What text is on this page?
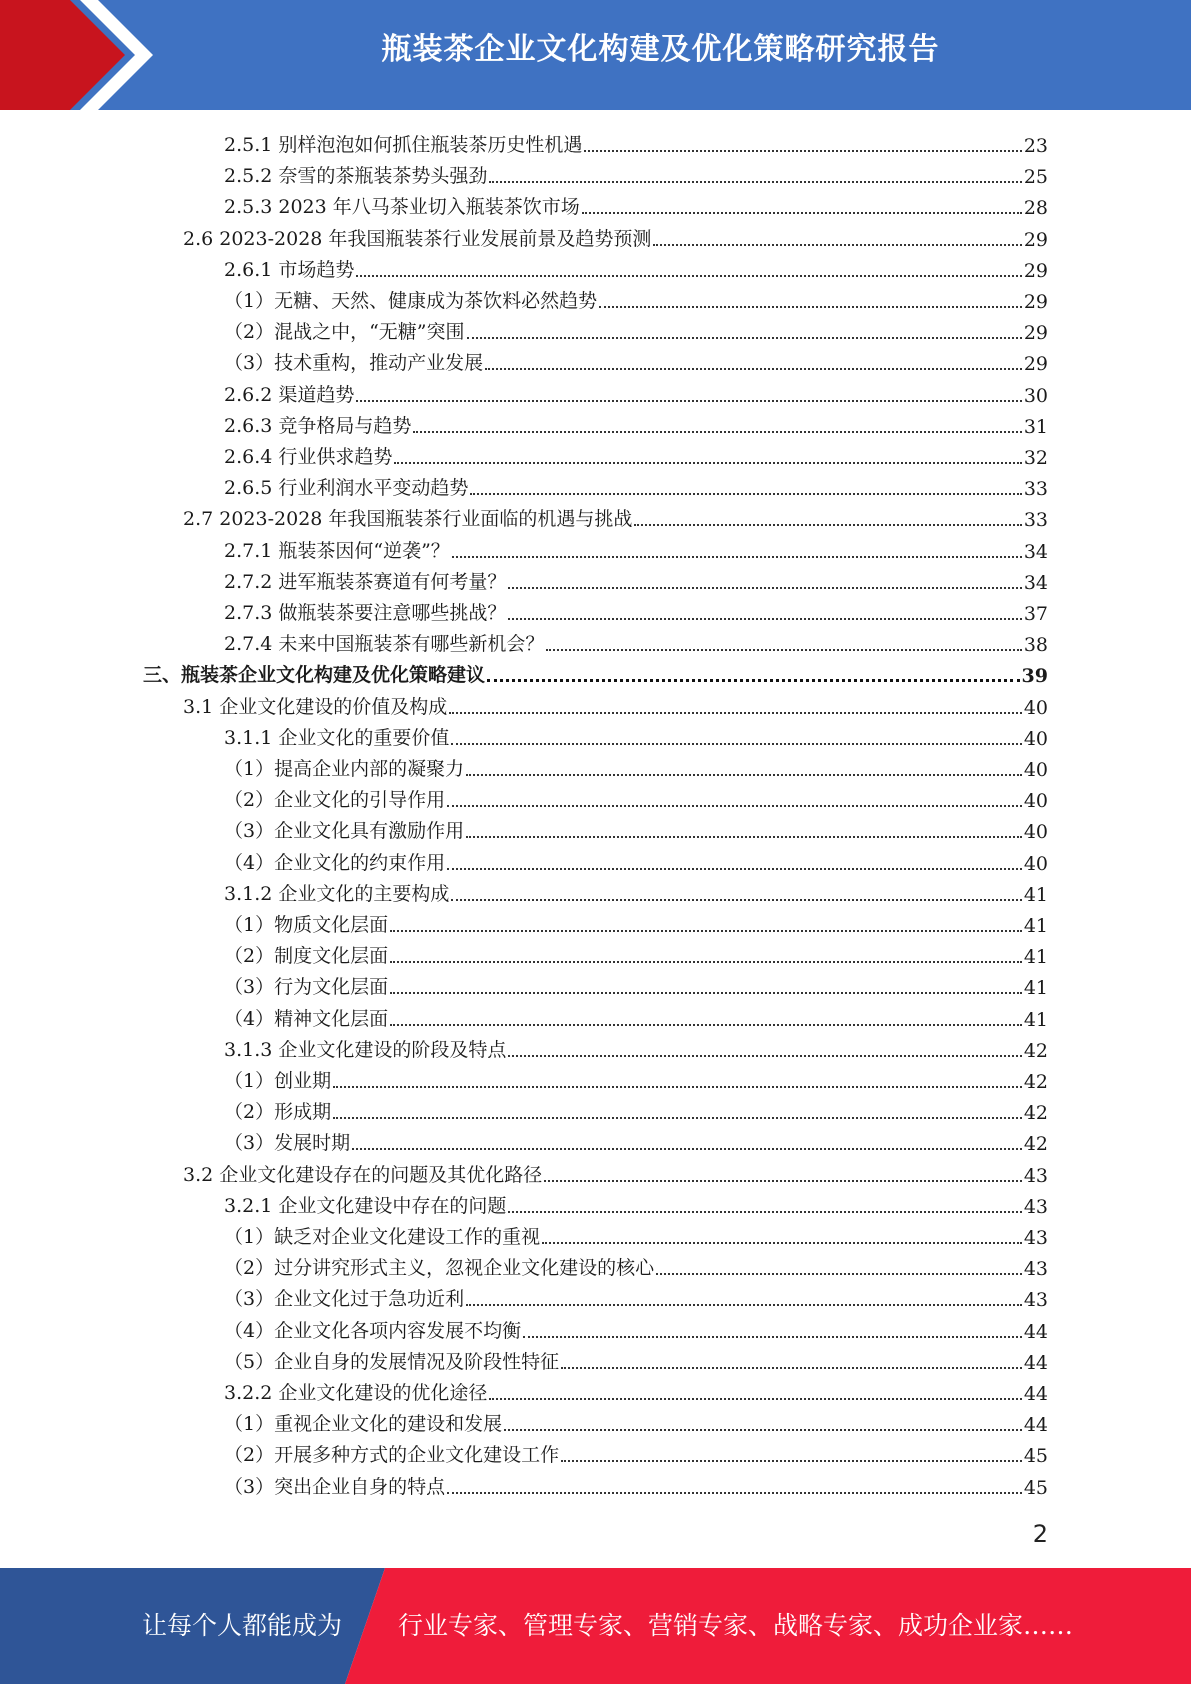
瓶装茶企业文化构建及优化策略研究报告
2.5.1 别样泡泡如何抓住瓶装茶历史性机遇	23
2.5.2 奈雪的茶瓶装茶势头强劲	25
2.5.3 2023 年八马茶业切入瓶装茶饮市场	28
2.6 2023-2028 年我国瓶装茶行业发展前景及趋势预测	29
2.6.1 市场趋势	29
（1）无糖、天然、健康成为茶饮料必然趋势	29
（2）混战之中，“无糖”突围	29
（3）技术重构，推动产业发展	29
2.6.2 渠道趋势	30
2.6.3 竞争格局与趋势	31
2.6.4 行业供求趋势	32
2.6.5 行业利润水平变动趋势	33
2.7 2023-2028 年我国瓶装茶行业面临的机遇与挑战	33
2.7.1 瓶装茶因何“逆袭”？	34
2.7.2 进军瓶装茶赛道有何考量？	34
2.7.3 做瓶装茶要注意哪些挑战？	37
2.7.4 未来中国瓶装茶有哪些新机会？	38
三、瓶装茶企业文化构建及优化策略建议	39
3.1 企业文化建设的价值及构成	40
3.1.1 企业文化的重要价值	40
（1）提高企业内部的凝聚力	40
（2）企业文化的引导作用	40
（3）企业文化具有激励作用	40
（4）企业文化的约束作用	40
3.1.2 企业文化的主要构成	41
（1）物质文化层面	41
（2）制度文化层面	41
（3）行为文化层面	41
（4）精神文化层面	41
3.1.3 企业文化建设的阶段及特点	42
（1）创业期	42
（2）形成期	42
（3）发展时期	42
3.2 企业文化建设存在的问题及其优化路径	43
3.2.1 企业文化建设中存在的问题	43
（1）缺乏对企业文化建设工作的重视	43
（2）过分讲究形式主义，忽视企业文化建设的核心	43
（3）企业文化过于急功近利	43
（4）企业文化各项内容发展不均衡	44
（5）企业自身的发展情况及阶段性特征	44
3.2.2 企业文化建设的优化途径	44
（1）重视企业文化的建设和发展	44
（2）开展多种方式的企业文化建设工作	45
（3）突出企业自身的特点	45
2
让每个人都能成为 行业专家、管理专家、营销专家、战略专家、成功企业家……
